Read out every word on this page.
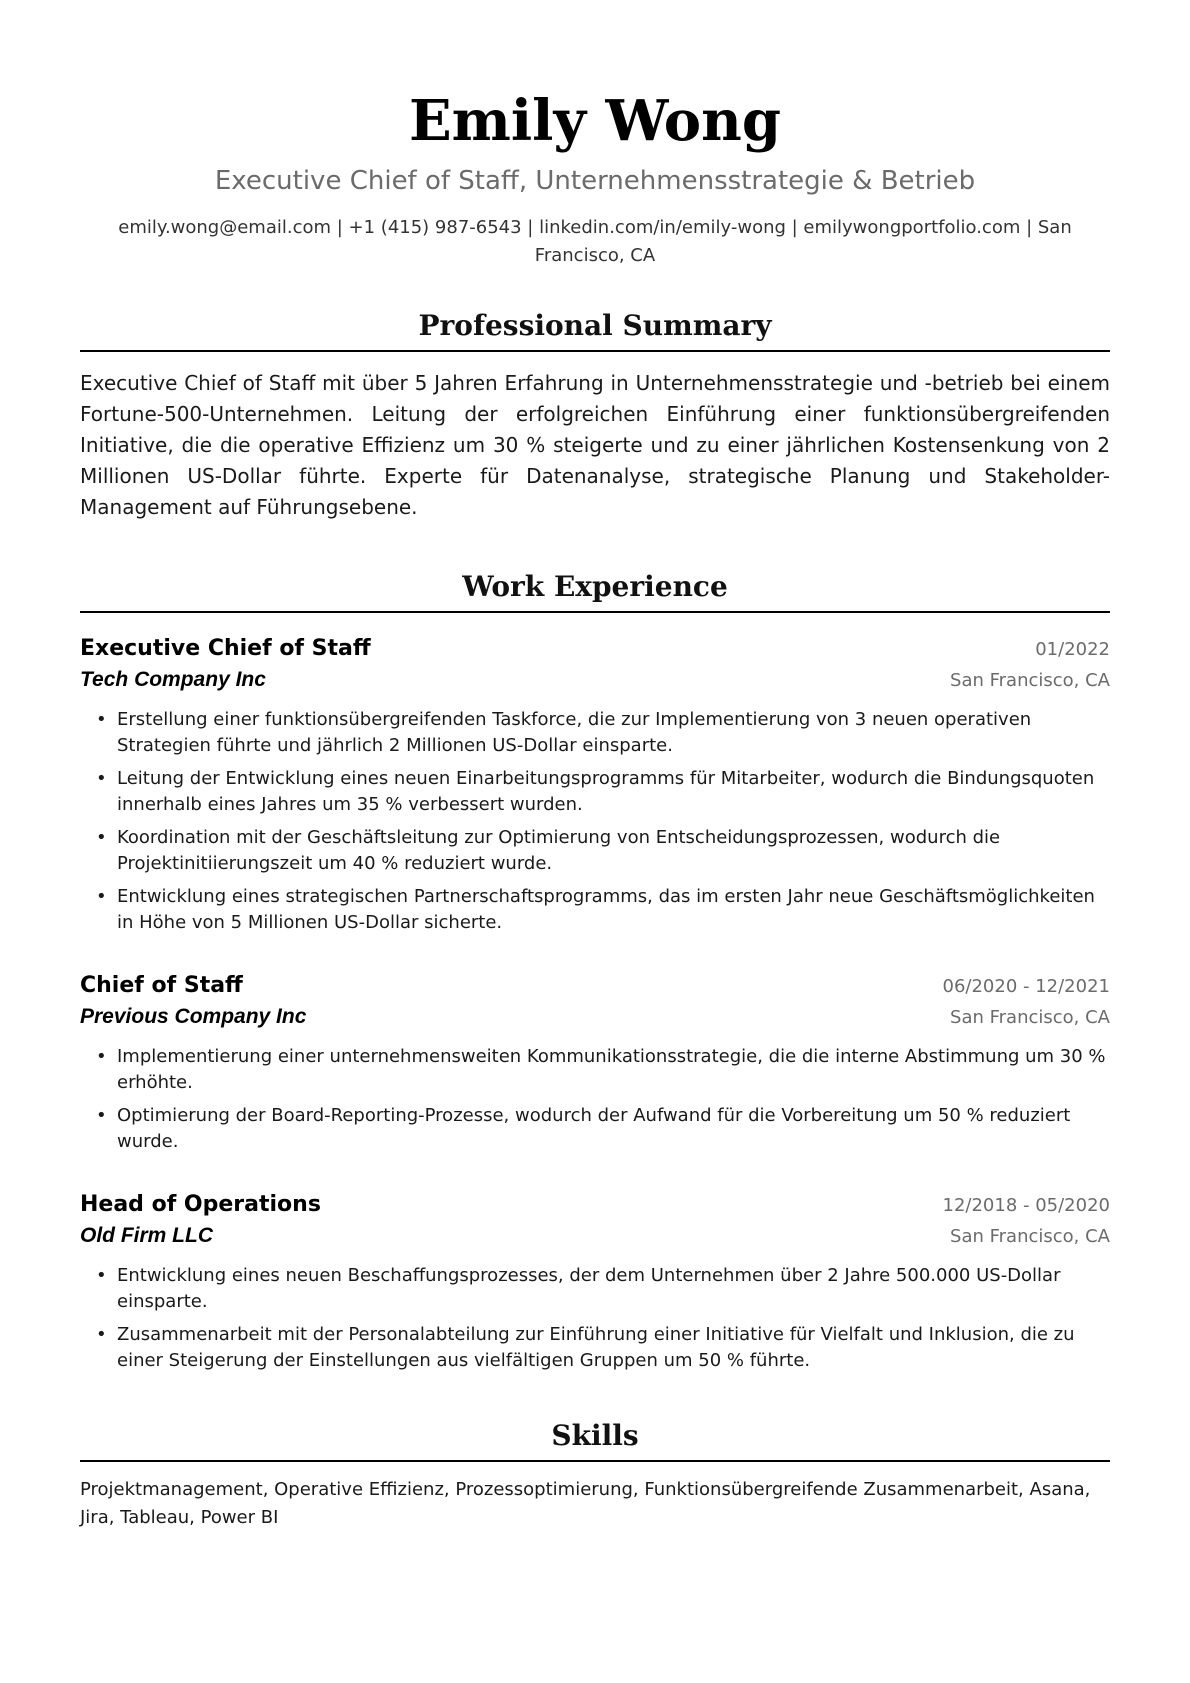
Emily Wong
Executive Chief of Staff, Unternehmensstrategie & Betrieb
emily.wong@email.com | +1 (415) 987-6543 | linkedin.com/in/emily-wong | emilywongportfolio.com | San Francisco, CA
Professional Summary
Executive Chief of Staff mit über 5 Jahren Erfahrung in Unternehmensstrategie und -betrieb bei einem Fortune-500-Unternehmen. Leitung der erfolgreichen Einführung einer funktionsübergreifenden Initiative, die die operative Effizienz um 30 % steigerte und zu einer jährlichen Kostensenkung von 2 Millionen US-Dollar führte. Experte für Datenanalyse, strategische Planung und Stakeholder-Management auf Führungsebene.
Work Experience
Executive Chief of Staff	01/2022
Tech Company Inc	San Francisco, CA
• Erstellung einer funktionsübergreifenden Taskforce, die zur Implementierung von 3 neuen operativen Strategien führte und jährlich 2 Millionen US-Dollar einsparte.
• Leitung der Entwicklung eines neuen Einarbeitungsprogramms für Mitarbeiter, wodurch die Bindungsquoten innerhalb eines Jahres um 35 % verbessert wurden.
• Koordination mit der Geschäftsleitung zur Optimierung von Entscheidungsprozessen, wodurch die Projektinitiierungszeit um 40 % reduziert wurde.
• Entwicklung eines strategischen Partnerschaftsprogramms, das im ersten Jahr neue Geschäftsmöglichkeiten in Höhe von 5 Millionen US-Dollar sicherte.
Chief of Staff	06/2020 - 12/2021
Previous Company Inc	San Francisco, CA
• Implementierung einer unternehmensweiten Kommunikationsstrategie, die die interne Abstimmung um 30 % erhöhte.
• Optimierung der Board-Reporting-Prozesse, wodurch der Aufwand für die Vorbereitung um 50 % reduziert wurde.
Head of Operations	12/2018 - 05/2020
Old Firm LLC	San Francisco, CA
• Entwicklung eines neuen Beschaffungsprozesses, der dem Unternehmen über 2 Jahre 500.000 US-Dollar einsparte.
• Zusammenarbeit mit der Personalabteilung zur Einführung einer Initiative für Vielfalt und Inklusion, die zu einer Steigerung der Einstellungen aus vielfältigen Gruppen um 50 % führte.
Skills
Projektmanagement, Operative Effizienz, Prozessoptimierung, Funktionsübergreifende Zusammenarbeit, Asana, Jira, Tableau, Power BI
